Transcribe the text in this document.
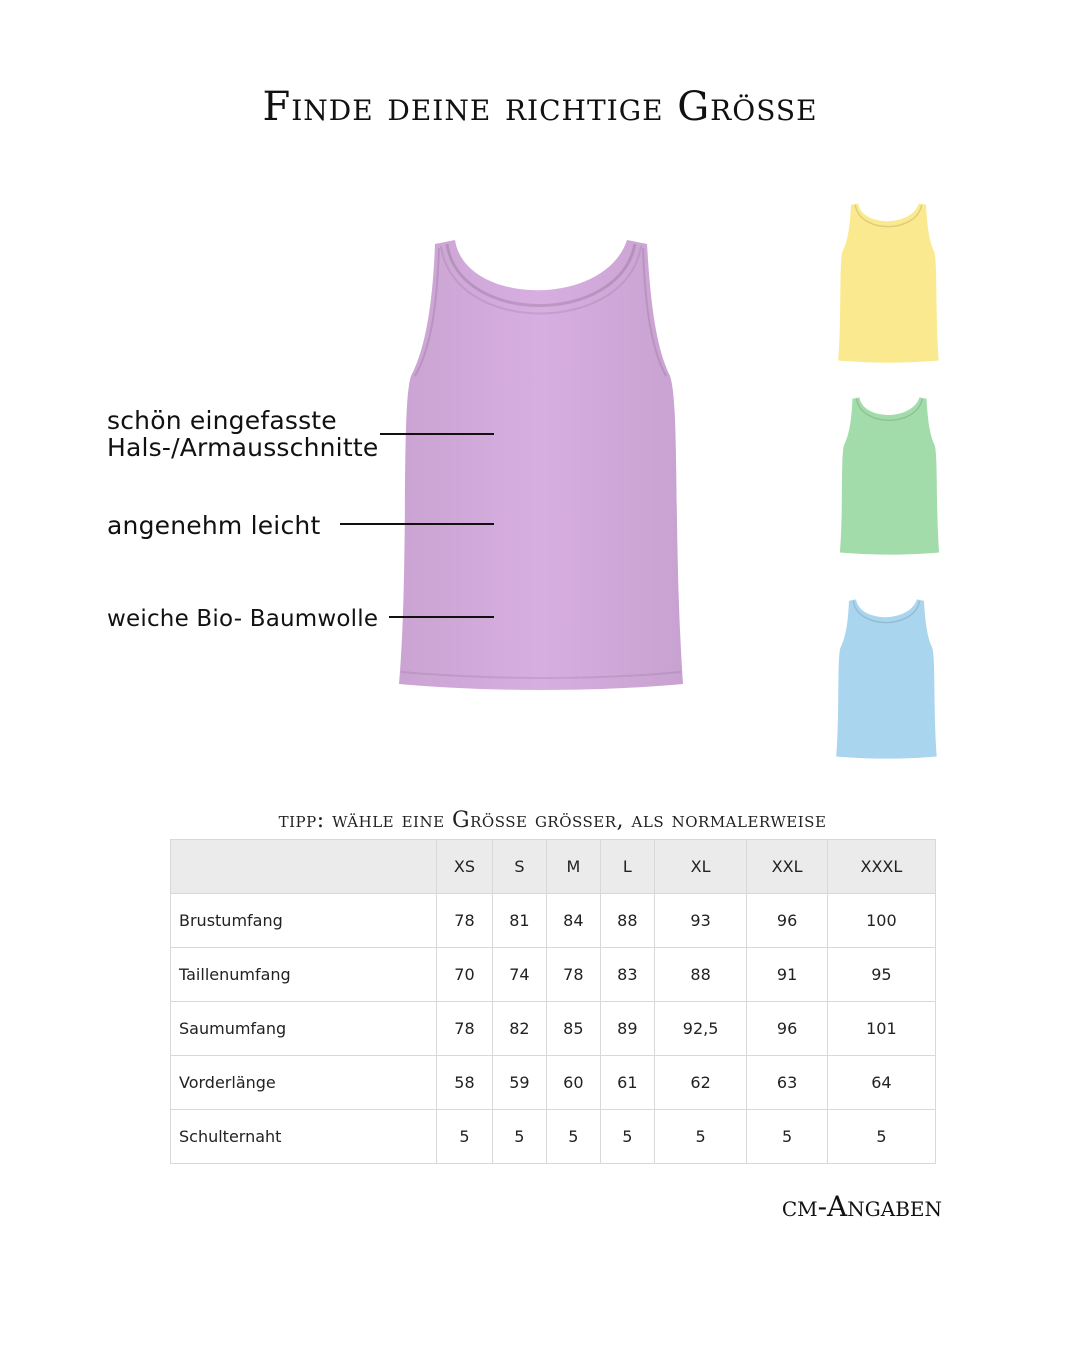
Finde deine richtige Grösse
schön eingefasste
Hals-/Armausschnitte
angenehm leicht
weiche Bio- Baumwolle
tipp: wähle eine Grösse grösser, als normalerweise
	XS	S	M	L	XL	XXL	XXXL
Brustumfang	78	81	84	88	93	96	100
Taillenumfang	70	74	78	83	88	91	95
Saumumfang	78	82	85	89	92,5	96	101
Vorderlänge	58	59	60	61	62	63	64
Schulternaht	5	5	5	5	5	5	5
cm-Angaben
